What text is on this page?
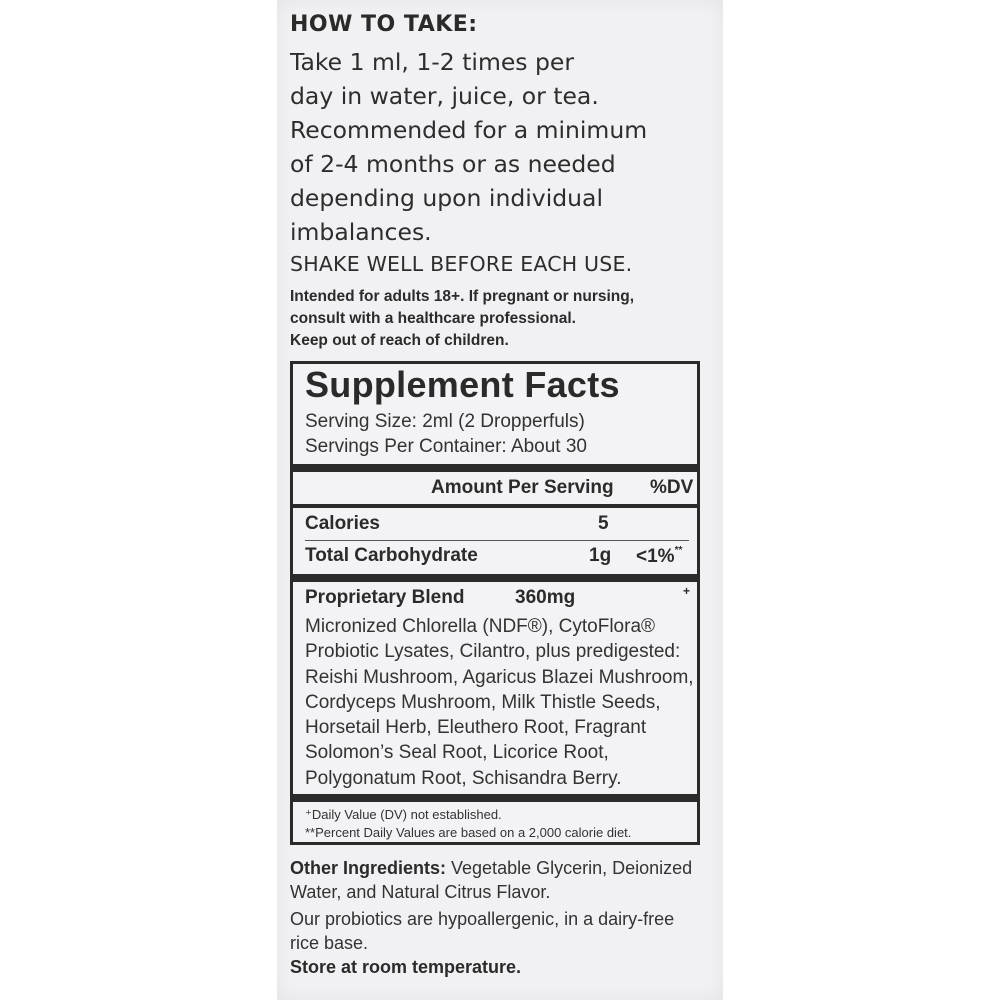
HOW TO TAKE:
Take 1 ml, 1-2 times per
day in water, juice, or tea.
Recommended for a minimum
of 2-4 months or as needed
depending upon individual
imbalances.
SHAKE WELL BEFORE EACH USE.
Intended for adults 18+. If pregnant or nursing,
consult with a healthcare professional.
Keep out of reach of children.
Supplement Facts
Serving Size: 2ml (2 Dropperfuls)
Servings Per Container: About 30
Amount Per Serving %DV
Calories	5
Total Carbohydrate	1g <1%**
Proprietary Blend	360mg	+
Micronized Chlorella (NDF®), CytoFlora®
Probiotic Lysates, Cilantro, plus predigested:
Reishi Mushroom, Agaricus Blazei Mushroom,
Cordyceps Mushroom, Milk Thistle Seeds,
Horsetail Herb, Eleuthero Root, Fragrant
Solomon’s Seal Root, Licorice Root,
Polygonatum Root, Schisandra Berry.
⁺Daily Value (DV) not established.
**Percent Daily Values are based on a 2,000 calorie diet.
Other Ingredients: Vegetable Glycerin, Deionized
Water, and Natural Citrus Flavor.
Our probiotics are hypoallergenic, in a dairy-free
rice base.
Store at room temperature.
